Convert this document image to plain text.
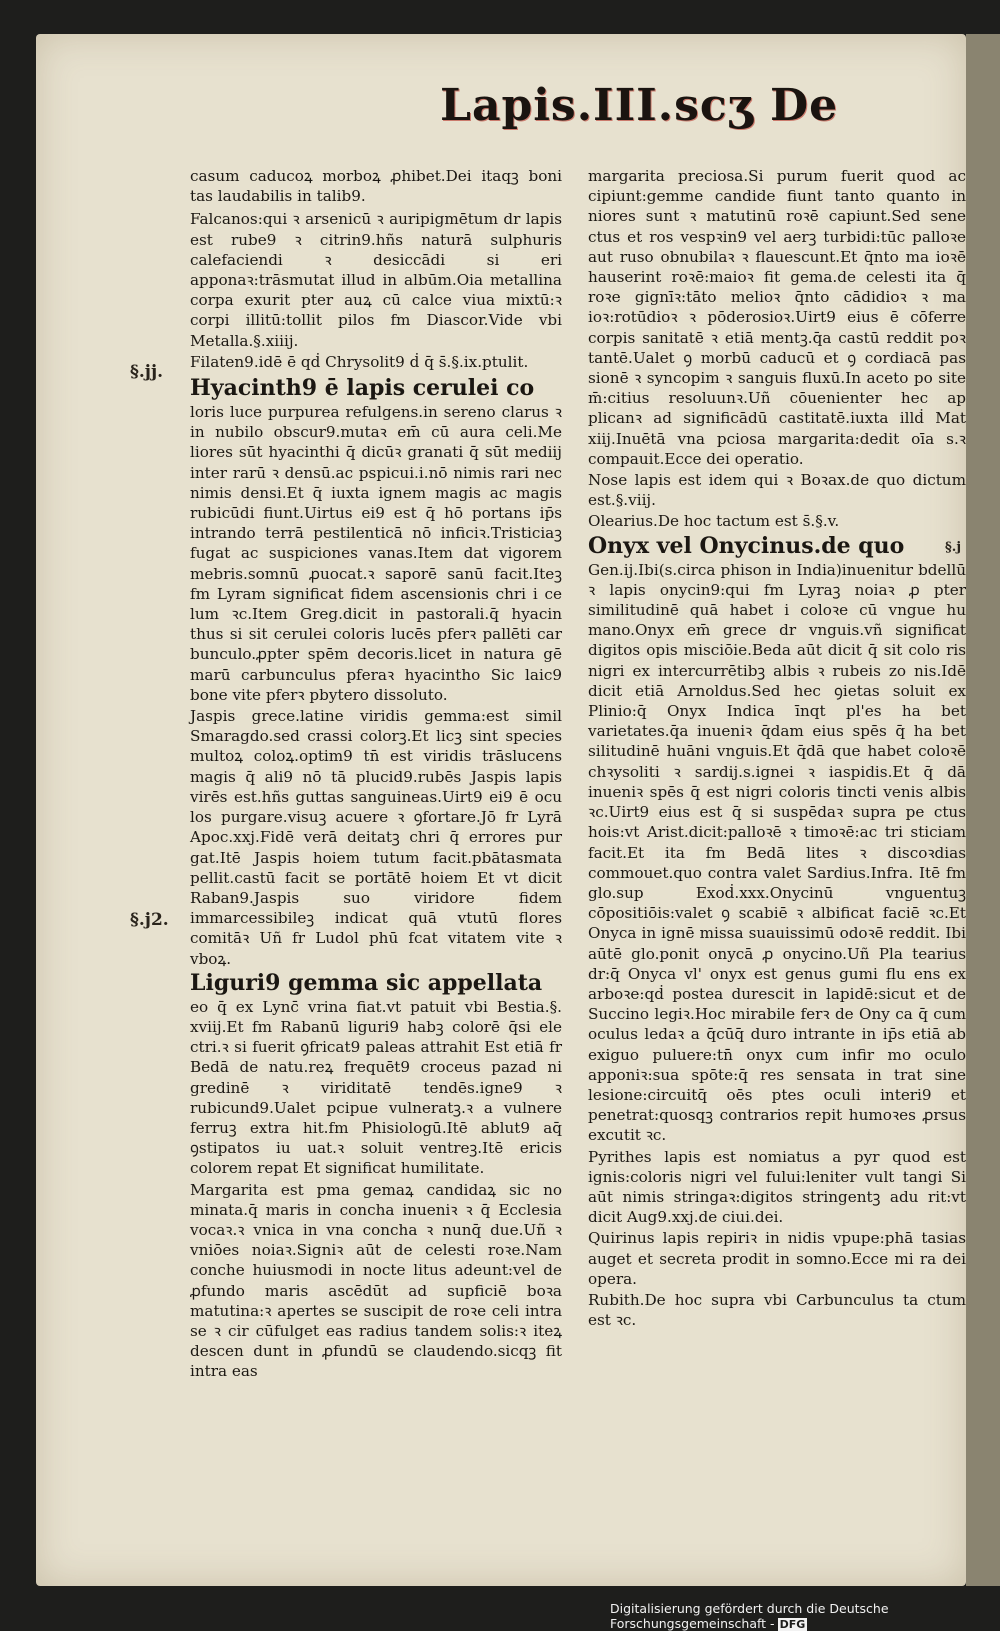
Lapis.III.scʒ De
§.jj.
§.j2.
§.j

casum caducoꝝ morboꝝ ꝓhibet.Dei itaqꝫ boni tas laudabilis in talib9.

Falcanos:qui ꝛ arsenicū ꝛ auripigmētum dr lapis est rube9 ꝛ citrin9.hñs naturā sulphuris calefaciendi ꝛ desiccādi si eri apponaꝛ:trāsmutat illud in albūm.Oia metallina corpa exurit pter auꝝ cū calce viua mixtū:ꝛ corpi illitū:tollit pilos fm Diascor.Vide vbi Metalla.§.xiiij.

Filaten9.idē ē qḋ Chrysolit9 ḋ q̄ s̄.§.ix.ptulit.

Hyacinth9 ē lapis cerulei co

loris luce purpurea refulgens.in sereno clarus ꝛ in nubilo obscur9.mutaꝛ em̄ cū aura celi.Me liores sūt hyacinthi q̄ dicūꝛ granati q̄ sūt mediij inter rarū ꝛ densū.ac pspicui.i.nō nimis rari nec nimis densi.Et q̄ iuxta ignem magis ac magis rubicūdi fiunt.Uirtus ei9 est q̄ hō portans ip̄s intrando terrā pestilenticā nō inficiꝛ.Tristiciaꝫ fugat ac suspiciones vanas.Item dat vigorem mebris.somnū ꝓuocat.ꝛ saporē sanū facit.Iteꝫ fm Lyram significat fidem ascensionis chri i ce lum ꝛc.Item Greg.dicit in pastorali.q̄ hyacin thus si sit cerulei coloris lucēs pferꝛ pallēti car bunculo.ꝓpter spēm decoris.licet in natura gē marū carbunculus pferaꝛ hyacintho Sic laic9 bone vite pferꝛ pbytero dissoluto.

Jaspis grece.latine viridis gemma:est simil Smaragdo.sed crassi colorꝫ.Et licꝫ sint species multoꝝ coloꝝ.optim9 tn̄ est viridis trāslucens magis q̄ ali9 nō tā plucid9.rubēs Jaspis lapis virēs est.hñs guttas sanguineas.Uirt9 ei9 ē ocu los purgare.visuꝫ acuere ꝛ ꝯfortare.Jō fr Lyrā Apoc.xxj.Fidē verā deitatꝫ chri q̄ errores pur gat.Itē Jaspis hoiem tutum facit.pbātasmata pellit.castū facit se portātē hoiem Et vt dicit Raban9.Jaspis suo viridore fidem immarcessibileꝫ indicat quā vtutū flores comitāꝛ Uñ fr Ludol phū fcat vitatem vite ꝛ vboꝝ.

Liguri9 gemma sic appellata

eo q̄ ex Lync̄ vrina fiat.vt patuit vbi Bestia.§. xviij.Et fm Rabanū liguri9 habꝫ colorē q̄si ele ctri.ꝛ si fuerit ꝯfricat9 paleas attrahit Est etiā fr Bedā de natu.reꝝ frequēt9 croceus pazad ni gredinē ꝛ viriditatē tendēs.igne9 ꝛ rubicund9.Ualet pcipue vulneratꝫ.ꝛ a vulnere ferruꝫ extra hit.fm Phisiologū.Itē ablut9 aq̄ ꝯstipatos iu uat.ꝛ soluit ventreꝫ.Itē ericis colorem repat Et significat humilitate.

Margarita est pma gemaꝝ candidaꝝ sic no minata.q̄ maris in concha inueniꝛ ꝛ q̄ Ecclesia vocaꝛ.ꝛ vnica in vna concha ꝛ nunq̄ due.Uñ ꝛ vniōes noiaꝛ.Signiꝛ aūt de celesti roꝛe.Nam conche huiusmodi in nocte litus adeunt:vel de ꝓfundo maris ascēdūt ad supficiē boꝛa matutina:ꝛ apertes se suscipit de roꝛe celi intra se ꝛ cir cūfulget eas radius tandem solis:ꝛ iteꝝ descen dunt in ꝓfundū se claudendo.sicqꝫ fit intra eas

margarita preciosa.Si purum fuerit quod ac cipiunt:gemme candide fiunt tanto quanto in niores sunt ꝛ matutinū roꝛē capiunt.Sed sene ctus et ros vespꝛin9 vel aerꝫ turbidi:tūc palloꝛe aut ruso obnubilaꝛ ꝛ flauescunt.Et q̄nto ma ioꝛē hauserint roꝛē:maioꝛ fit gema.de celesti ita q̄ roꝛe gignīꝛ:tāto melioꝛ q̄nto cādidioꝛ ꝛ ma ioꝛ:rotūdioꝛ ꝛ pōderosioꝛ.Uirt9 eius ē cōferre corpis sanitatē ꝛ etiā mentꝫ.q̄a castū reddit poꝛ tantē.Ualet ꝯ morbū caducū et ꝯ cordiacā pas sionē ꝛ syncopim ꝛ sanguis fluxū.In aceto po site m̄:citius resoluunꝛ.Uñ cōuenienter hec ap plicanꝛ ad significādū castitatē.iuxta illḋ Mat xiij.Inuētā vna pciosa margarita:dedit oīa s.ꝛ compauit.Ecce dei operatio.

Nose lapis est idem qui ꝛ Boꝛax.de quo dictum est.§.viij.

Olearius.De hoc tactum est s̄.§.v.

Onyx vel Onycinus.de quo

Gen.ij.Ibi(s.circa phison in India)inuenitur bdellū ꝛ lapis onycin9:qui fm Lyraꝫ noiaꝛ ꝓ pter similitudinē quā habet i coloꝛe cū vngue hu mano.Onyx em̄ grece dr vnguis.vñ significat digitos opis misciōie.Beda aūt dicit q̄ sit colo ris nigri ex intercurrētibꝫ albis ꝛ rubeis zo nis.Idē dicit etiā Arnoldus.Sed hec ꝯietas soluit ex Plinio:q̄ Onyx Indica īnqt pl'es ha bet varietates.q̄a inueniꝛ q̄dam eius spēs q̄ ha bet silitudinē huāni vnguis.Et q̄dā que habet coloꝛē chꝛysoliti ꝛ sardij.s.ignei ꝛ iaspidis.Et q̄ dā inueniꝛ spēs q̄ est nigri coloris tincti venis albis ꝛc.Uirt9 eius est q̄ si suspēdaꝛ supra pe ctus hois:vt Arist.dicit:palloꝛē ꝛ timoꝛē:ac tri sticiam facit.Et ita fm Bedā lites ꝛ discoꝛdias commouet.quo contra valet Sardius.Infra. Itē fm glo.sup Exoḋ.xxx.Onycinū vnguentuꝫ cōpositiōis:valet ꝯ scabiē ꝛ albificat faciē ꝛc.Et Onyca in ignē missa suauissimū odoꝛē reddit. Ibi aūtē glo.ponit onycā ꝓ onycino.Uñ Pla tearius dr:q̄ Onyca vl' onyx est genus gumi flu ens ex arboꝛe:qḋ postea durescit in lapidē:sicut et de Succino legiꝛ.Hoc mirabile ferꝛ de Ony ca q̄ cum oculus ledaꝛ a q̄cūq̄ duro intrante in ip̄s etiā ab exiguo puluere:tn̄ onyx cum infir mo oculo apponiꝛ:sua spōte:q̄ res sensata in trat sine lesione:circuitq̄ oēs ptes oculi interi9 et penetrat:quosqꝫ contrarios repit humoꝛes ꝓrsus excutit ꝛc.

Pyrithes lapis est nomiatus a pyr quod est ignis:coloris nigri vel fului:leniter vult tangi Si aūt nimis stringaꝛ:digitos stringentꝫ adu rit:vt dicit Aug9.xxj.de ciui.dei.

Quirinus lapis repiriꝛ in nidis vpupe:phā tasias auget et secreta prodit in somno.Ecce mi ra dei opera.

Rubith.De hoc supra vbi Carbunculus ta ctum est ꝛc.

Digitalisierung gefördert durch die Deutsche Forschungsgemeinschaft - DFG
